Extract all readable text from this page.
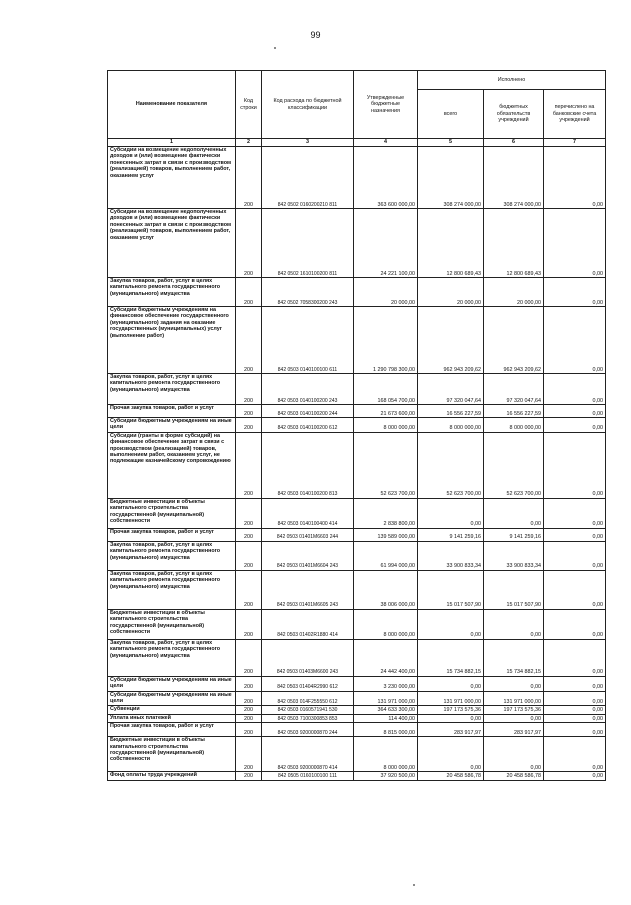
99
Наименование показателя	Код строки	Код расхода по бюджетной классификации	Утвержденные бюджетные назначения	Исполнено		
				всего	бюджетных обязательств учреждений	перечислено на банковские счета учреждений
1	2	3	4	5	6	7
Субсидии на возмещение недополученных доходов и (или) возмещение фактически понесенных затрат в связи с производством (реализацией) товаров, выполнением работ, оказанием услуг	200	842 0502 0160200210 811	363 600 000,00	308 274 000,00	308 274 000,00	0,00
Субсидии на возмещение недополученных доходов и (или) возмещение фактически понесенных затрат в связи с производством (реализацией) товаров, выполнением работ, оказанием услуг	200	842 0502 1610100200 811	24 221 100,00	12 800 689,43	12 800 689,43	0,00
Закупка товаров, работ, услуг в целях капитального ремонта государственного (муниципального) имущества	200	842 0502 7058300200 243	20 000,00	20 000,00	20 000,00	0,00
Субсидии бюджетным учреждениям на финансовое обеспечение государственного (муниципального) задания на оказание государственных (муниципальных) услуг (выполнение работ)	200	842 0503 0140100100 611	1 290 798 300,00	962 943 209,62	962 943 209,62	0,00
Закупка товаров, работ, услуг в целях капитального ремонта государственного (муниципального) имущества	200	842 0503 0140100200 243	168 054 700,00	97 320 047,64	97 320 047,64	0,00
Прочая закупка товаров, работ и услуг	200	842 0503 0140100200 244	21 673 600,00	16 556 227,59	16 556 227,59	0,00
Субсидии бюджетным учреждениям на иные цели	200	842 0503 0140100200 612	8 000 000,00	8 000 000,00	8 000 000,00	0,00
Субсидии (гранты в форме субсидий) на финансовое обеспечение затрат в связи с производством (реализацией) товаров, выполнением работ, оказанием услуг, не подлежащие казначейскому сопровождению	200	842 0503 0140100200 813	52 623 700,00	52 623 700,00	52 623 700,00	0,00
Бюджетные инвестиции в объекты капитального строительства государственной (муниципальной) собственности	200	842 0503 0140100400 414	2 838 800,00	0,00	0,00	0,00
Прочая закупка товаров, работ и услуг	200	842 0503 01401M6603 244	139 589 000,00	9 141 259,16	9 141 259,16	0,00
Закупка товаров, работ, услуг в целях капитального ремонта государственного (муниципального) имущества	200	842 0503 01401M6604 243	61 994 000,00	33 900 833,34	33 900 833,34	0,00
Закупка товаров, работ, услуг в целях капитального ремонта государственного (муниципального) имущества	200	842 0503 01401M6605 243	38 006 000,00	15 017 507,90	15 017 507,90	0,00
Бюджетные инвестиции в объекты капитального строительства государственной (муниципальной) собственности	200	842 0503 01402R1880 414	8 000 000,00	0,00	0,00	0,00
Закупка товаров, работ, услуг в целях капитального ремонта государственного (муниципального) имущества	200	842 0503 01403M6600 243	24 442 400,00	15 734 882,15	15 734 882,15	0,00
Субсидии бюджетным учреждениям на иные цели	200	842 0503 01404R2990 612	3 230 000,00	0,00	0,00	0,00
Субсидии бюджетным учреждениям на иные цели	200	842 0503 014F255550 612	131 971 000,00	131 971 000,00	131 971 000,00	0,00
Субвенции	200	842 0503 0160571941 530	364 633 300,00	197 173 575,36	197 173 575,36	0,00
Уплата иных платежей	200	842 0503 7100300853 853	114 400,00	0,00	0,00	0,00
Прочая закупка товаров, работ и услуг	200	842 0503 9200000870 244	8 815 000,00	283 917,97	283 917,97	0,00
Бюджетные инвестиции в объекты капитального строительства государственной (муниципальной) собственности	200	842 0503 9200000870 414	8 000 000,00	0,00	0,00	0,00
Фонд оплаты труда учреждений	200	842 0505 0160100100 111	37 920 500,00	20 458 586,78	20 458 586,78	0,00
